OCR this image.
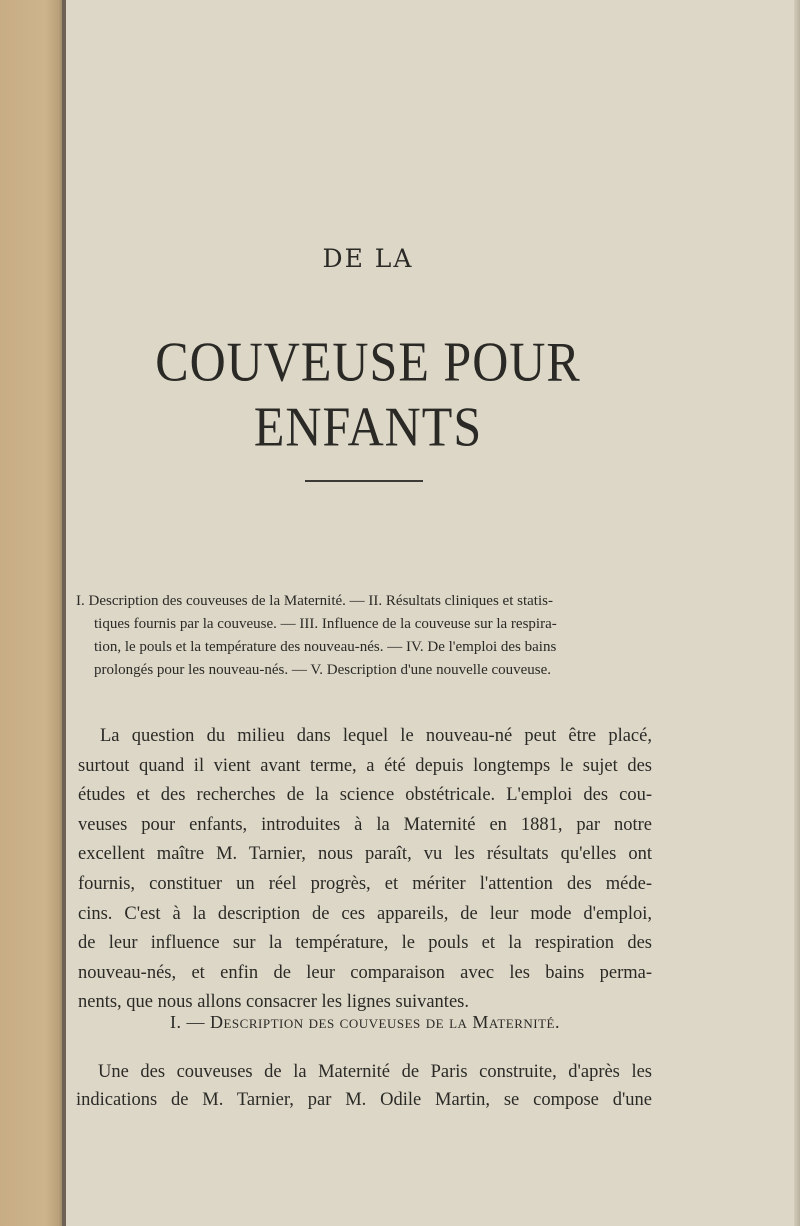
DE LA
COUVEUSE POUR ENFANTS
I. Description des couveuses de la Maternité. — II. Résultats cliniques et statis-
tiques fournis par la couveuse. — III. Influence de la couveuse sur la respira-
tion, le pouls et la température des nouveau-nés. — IV. De l'emploi des bains
prolongés pour les nouveau-nés. — V. Description d'une nouvelle couveuse.
La question du milieu dans lequel le nouveau-né peut être placé,
surtout quand il vient avant terme, a été depuis longtemps le sujet des
études et des recherches de la science obstétricale. L'emploi des cou-
veuses pour enfants, introduites à la Maternité en 1881, par notre
excellent maître M. Tarnier, nous paraît, vu les résultats qu'elles ont
fournis, constituer un réel progrès, et mériter l'attention des méde-
cins. C'est à la description de ces appareils, de leur mode d'emploi,
de leur influence sur la température, le pouls et la respiration des
nouveau-nés, et enfin de leur comparaison avec les bains perma-
nents, que nous allons consacrer les lignes suivantes.
I. — Description des couveuses de la Maternité.
Une des couveuses de la Maternité de Paris construite, d'après les
indications de M. Tarnier, par M. Odile Martin, se compose d'une
